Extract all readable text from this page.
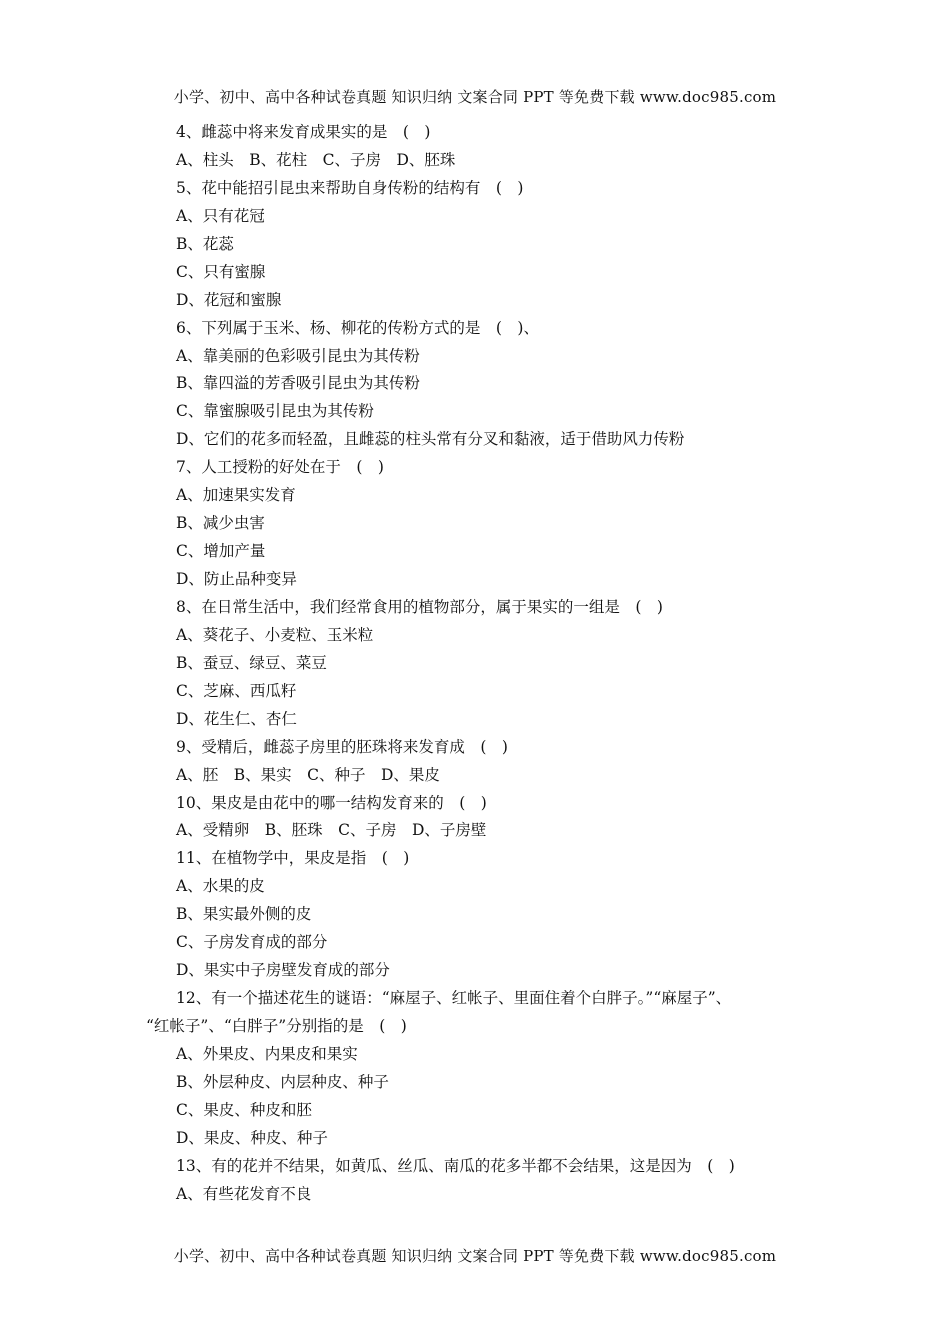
小学、初中、高中各种试卷真题 知识归纳 文案合同 PPT 等免费下载 www.doc985.com
4、雌蕊中将来发育成果实的是　(　)
A、柱头　B、花柱　C、子房　D、胚珠
5、花中能招引昆虫来帮助自身传粉的结构有　(　)
A、只有花冠
B、花蕊
C、只有蜜腺
D、花冠和蜜腺
6、下列属于玉米、杨、柳花的传粉方式的是　(　)、
A、靠美丽的色彩吸引昆虫为其传粉
B、靠四溢的芳香吸引昆虫为其传粉
C、靠蜜腺吸引昆虫为其传粉
D、它们的花多而轻盈，且雌蕊的柱头常有分叉和黏液，适于借助风力传粉
7、人工授粉的好处在于　(　)
A、加速果实发育
B、减少虫害
C、增加产量
D、防止品种变异
8、在日常生活中，我们经常食用的植物部分，属于果实的一组是　(　)
A、葵花子、小麦粒、玉米粒
B、蚕豆、绿豆、菜豆
C、芝麻、西瓜籽
D、花生仁、杏仁
9、受精后，雌蕊子房里的胚珠将来发育成　(　)
A、胚　B、果实　C、种子　D、果皮
10、果皮是由花中的哪一结构发育来的　(　)
A、受精卵　B、胚珠　C、子房　D、子房壁
11、在植物学中，果皮是指　(　)
A、水果的皮
B、果实最外侧的皮
C、子房发育成的部分
D、果实中子房壁发育成的部分
12、有一个描述花生的谜语：“麻屋子、红帐子、里面住着个白胖子。”“麻屋子”、
“红帐子”、“白胖子”分别指的是　(　)
A、外果皮、内果皮和果实
B、外层种皮、内层种皮、种子
C、果皮、种皮和胚
D、果皮、种皮、种子
13、有的花并不结果，如黄瓜、丝瓜、南瓜的花多半都不会结果，这是因为　(　)
A、有些花发育不良
小学、初中、高中各种试卷真题 知识归纳 文案合同 PPT 等免费下载 www.doc985.com
